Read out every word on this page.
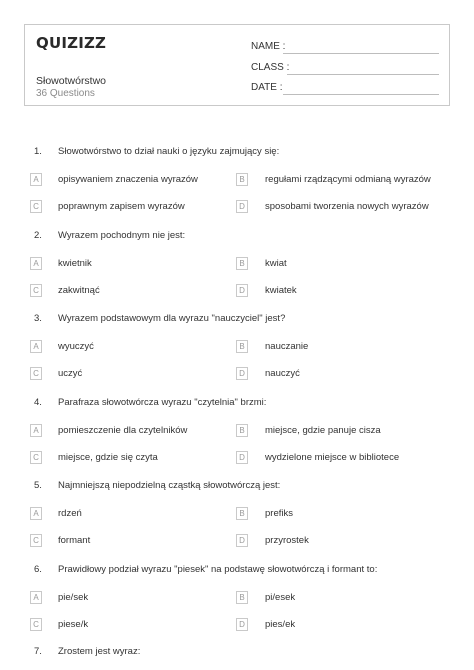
QUIZIZZ
Słowotwórstwo
36 Questions
NAME :
CLASS :
DATE :
1. Słowotwórstwo to dział nauki o języku zajmujący się:
A	opisywaniem znaczenia wyrazów	B	regułami rządzącymi odmianą wyrazów
C	poprawnym zapisem wyrazów	D	sposobami tworzenia nowych wyrazów
2. Wyrazem pochodnym nie jest:
A	kwietnik	B	kwiat
C	zakwitnąć	D	kwiatek
3. Wyrazem podstawowym dla wyrazu "nauczyciel" jest?
A	wyuczyć	B	nauczanie
C	uczyć	D	nauczyć
4. Parafraza słowotwórcza wyrazu "czytelnia" brzmi:
A	pomieszczenie dla czytelników	B	miejsce, gdzie panuje cisza
C	miejsce, gdzie się czyta	D	wydzielone miejsce w bibliotece
5. Najmniejszą niepodzielną cząstką słowotwórczą jest:
A	rdzeń	B	prefiks
C	formant	D	przyrostek
6. Prawidłowy podział wyrazu "piesek" na podstawę słowotwórczą i formant to:
A	pie/sek	B	pi/esek
C	piese/k	D	pies/ek
7. Zrostem jest wyraz:
